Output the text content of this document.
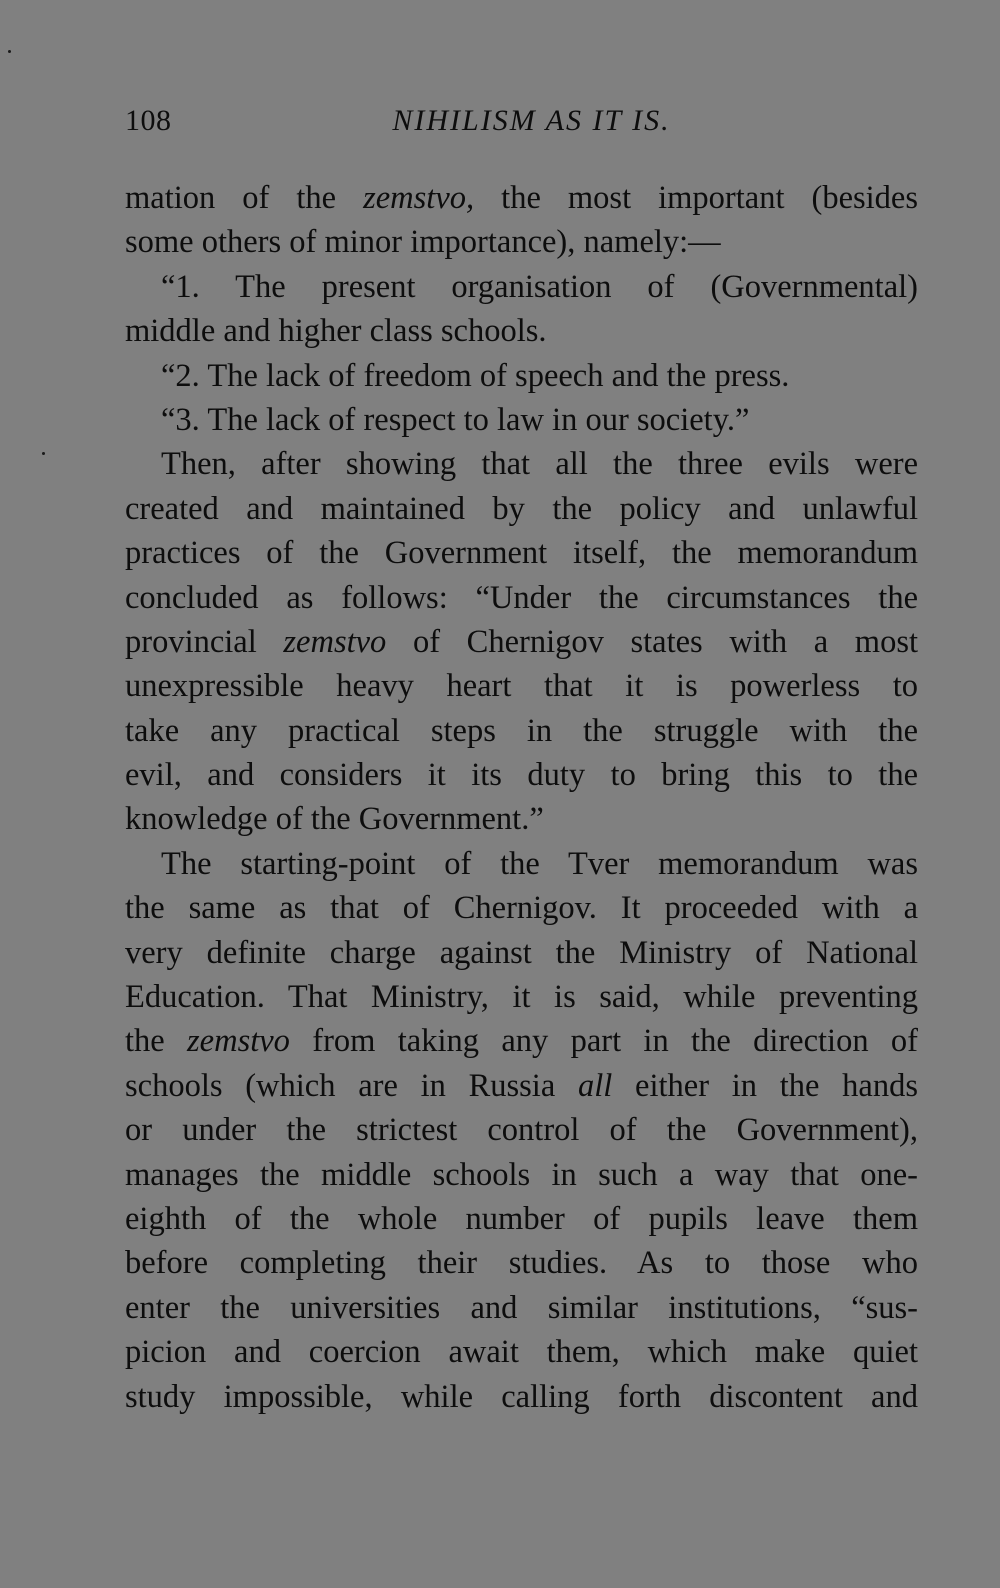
108	NIHILISM AS IT IS.
mation of the zemstvo, the most important (besides
some others of minor importance), namely:—
“1. The present organisation of (Governmental)
middle and higher class schools.
“2. The lack of freedom of speech and the press.
“3. The lack of respect to law in our society.”
Then, after showing that all the three evils were
created and maintained by the policy and unlawful
practices of the Government itself, the memorandum
concluded as follows: “Under the circumstances the
provincial zemstvo of Chernigov states with a most
unexpressible heavy heart that it is powerless to
take any practical steps in the struggle with the
evil, and considers it its duty to bring this to the
knowledge of the Government.”
The starting-point of the Tver memorandum was
the same as that of Chernigov. It proceeded with a
very definite charge against the Ministry of National
Education. That Ministry, it is said, while preventing
the zemstvo from taking any part in the direction of
schools (which are in Russia all either in the hands
or under the strictest control of the Government),
manages the middle schools in such a way that one-
eighth of the whole number of pupils leave them
before completing their studies. As to those who
enter the universities and similar institutions, “sus-
picion and coercion await them, which make quiet
study impossible, while calling forth discontent and
